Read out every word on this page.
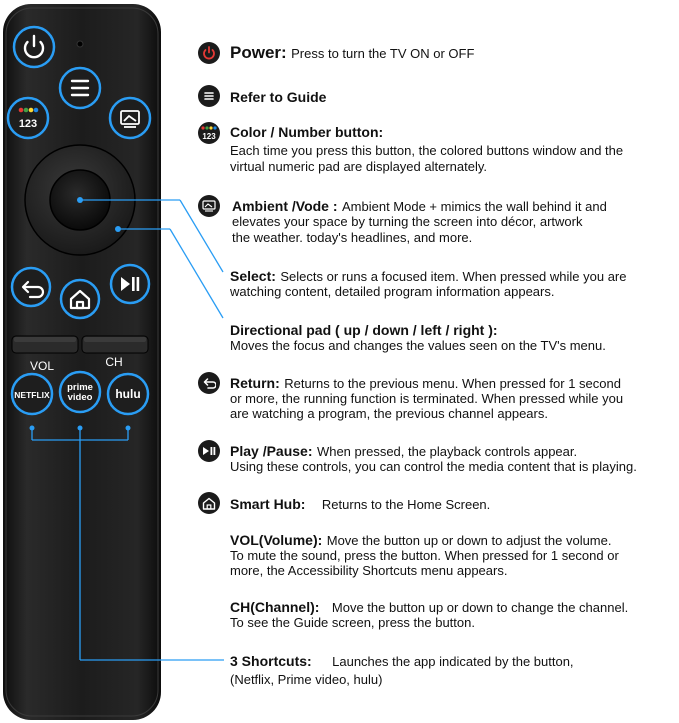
123
VOL	CH
NETFLIX
prime
video hulu
Power: Press to turn the TV ON or OFF
Refer to Guide
123 Color / Number button:
Each time you press this button, the colored buttons window and the
virtual numeric pad are displayed alternately.
Ambient /Vode : Ambient Mode + mimics the wall behind it and
elevates your space by turning the screen into décor, artwork
the weather. today's headlines, and more.
Select: Selects or runs a focused item. When pressed while you are
watching content, detailed program information appears.
Directional pad ( up / down / left / right ):
Moves the focus and changes the values seen on the TV's menu.
Return: Returns to the previous menu. When pressed for 1 second
or more, the running function is terminated. When pressed while you
are watching a program, the previous channel appears.
Play /Pause: When pressed, the playback controls appear.
Using these controls, you can control the media content that is playing.
Smart Hub: Returns to the Home Screen.
VOL(Volume): Move the button up or down to adjust the volume.
To mute the sound, press the button. When pressed for 1 second or
more, the Accessibility Shortcuts menu appears.
CH(Channel): Move the button up or down to change the channel.
To see the Guide screen, press the button.
3 Shortcuts: Launches the app indicated by the button,
(Netflix, Prime video, hulu)
